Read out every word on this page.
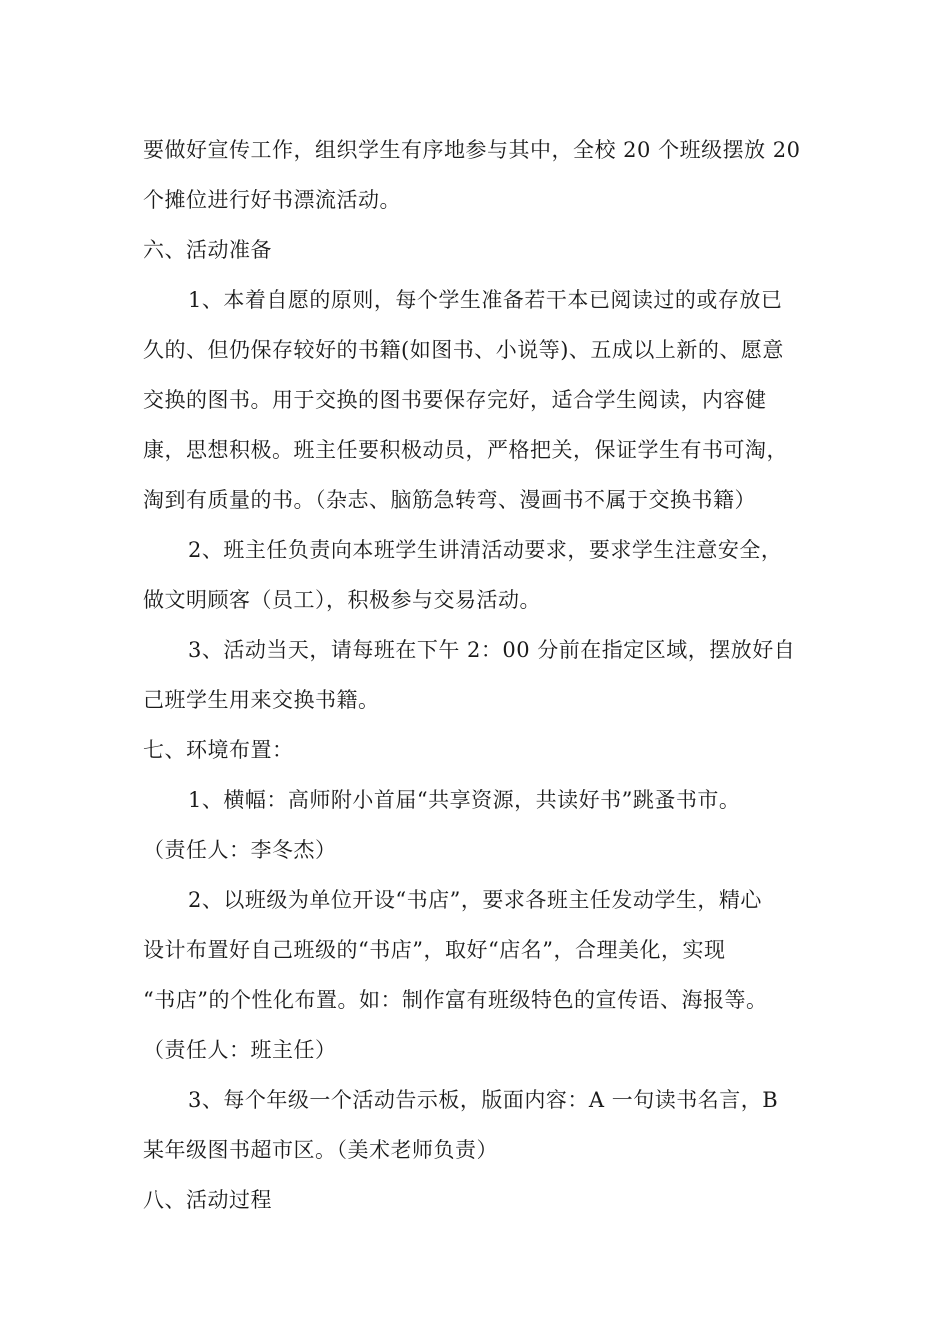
要做好宣传工作，组织学生有序地参与其中，全校 20 个班级摆放 20
个摊位进行好书漂流活动。
六、活动准备
1、本着自愿的原则，每个学生准备若干本已阅读过的或存放已
久的、但仍保存较好的书籍(如图书、小说等)、五成以上新的、愿意
交换的图书。用于交换的图书要保存完好，适合学生阅读，内容健
康，思想积极。班主任要积极动员，严格把关，保证学生有书可淘，
淘到有质量的书。（杂志、脑筋急转弯、漫画书不属于交换书籍）
2、班主任负责向本班学生讲清活动要求，要求学生注意安全，
做文明顾客（员工），积极参与交易活动。
3、活动当天，请每班在下午 2：00 分前在指定区域，摆放好自
己班学生用来交换书籍。
七、环境布置：
1、横幅：高师附小首届“共享资源，共读好书”跳蚤书市。
（责任人：李冬杰）
2、以班级为单位开设“书店”，要求各班主任发动学生，精心
设计布置好自己班级的“书店”，取好“店名”，合理美化，实现
“书店”的个性化布置。如：制作富有班级特色的宣传语、海报等。
（责任人：班主任）
3、每个年级一个活动告示板，版面内容：A 一句读书名言，B
某年级图书超市区。（美术老师负责）
八、活动过程
